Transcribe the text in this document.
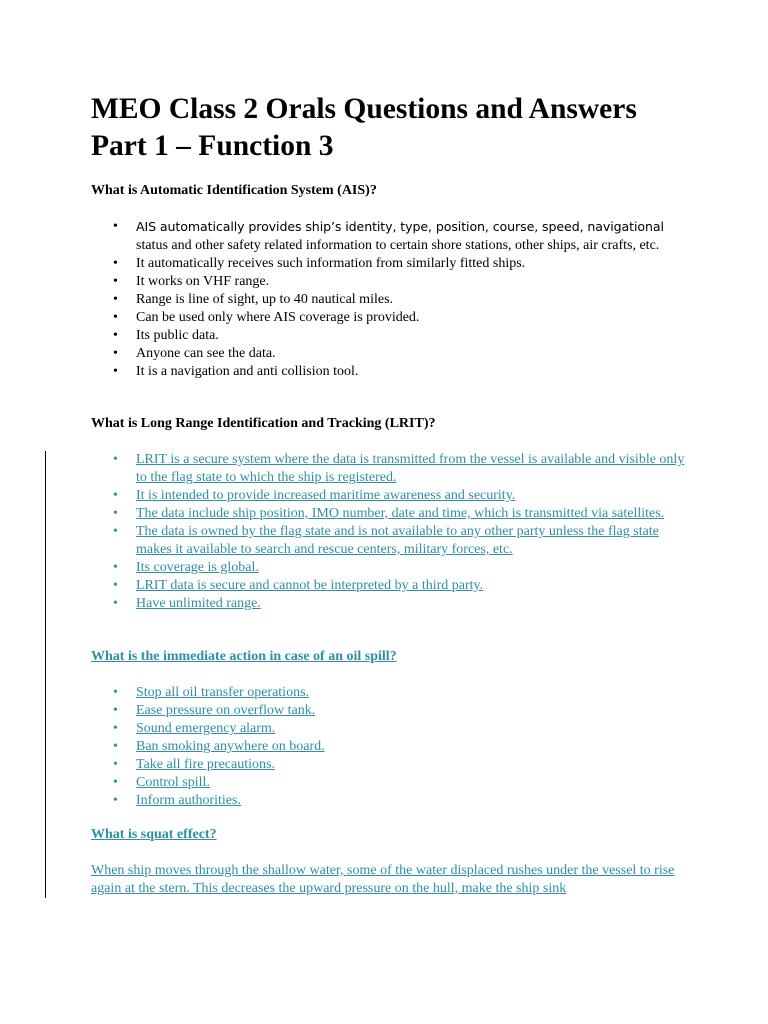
MEO Class 2 Orals Questions and Answers
Part 1 – Function 3

What is Automatic Identification System (AIS)?

• AIS automatically provides ship’s identity, type, position, course, speed, navigational
status and other safety related information to certain shore stations, other ships, air crafts, etc.
• It automatically receives such information from similarly fitted ships.
• It works on VHF range.
• Range is line of sight, up to 40 nautical miles.
• Can be used only where AIS coverage is provided.
• Its public data.
• Anyone can see the data.
• It is a navigation and anti collision tool.

What is Long Range Identification and Tracking (LRIT)?

• LRIT is a secure system where the data is transmitted from the vessel is available and visible only to the flag state to which the ship is registered.
• It is intended to provide increased maritime awareness and security.
• The data include ship position, IMO number, date and time, which is transmitted via satellites.
• The data is owned by the flag state and is not available to any other party unless the flag state makes it available to search and rescue centers, military forces, etc.
• Its coverage is global.
• LRIT data is secure and cannot be interpreted by a third party.
• Have unlimited range.

What is the immediate action in case of an oil spill?

• Stop all oil transfer operations.
• Ease pressure on overflow tank.
• Sound emergency alarm.
• Ban smoking anywhere on board.
• Take all fire precautions.
• Control spill.
• Inform authorities.

What is squat effect?

When ship moves through the shallow water, some of the water displaced rushes under the vessel to rise again at the stern. This decreases the upward pressure on the hull, make the ship sink
